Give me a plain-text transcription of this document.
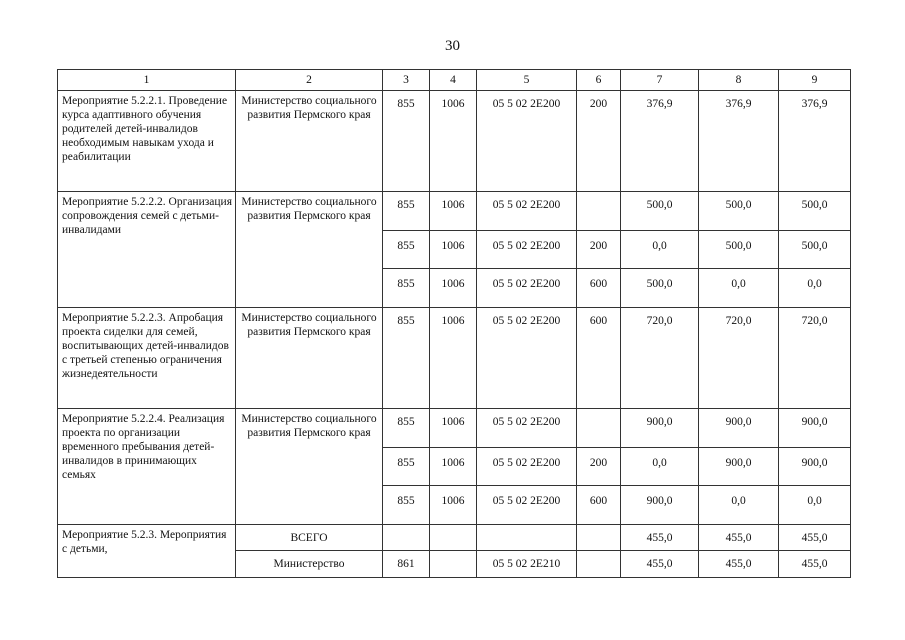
30
1	2	3	4	5	6	7	8	9
Мероприятие 5.2.2.1. Проведение курса адаптивного обучения родителей детей-инвалидов необходимым навыкам ухода и реабилитации	Министерство социального развития Пермского края	855	1006	05 5 02 2Е200	200	376,9	376,9	376,9
Мероприятие 5.2.2.2. Организация сопровождения семей с детьми-инвалидами	Министерство социального развития Пермского края	855	1006	05 5 02 2Е200		500,0	500,0	500,0
		855	1006	05 5 02 2Е200	200	0,0	500,0	500,0
		855	1006	05 5 02 2Е200	600	500,0	0,0	0,0
Мероприятие 5.2.2.3. Апробация проекта сиделки для семей, воспитывающих детей-инвалидов с третьей степенью ограничения жизнедеятельности	Министерство социального развития Пермского края	855	1006	05 5 02 2Е200	600	720,0	720,0	720,0
Мероприятие 5.2.2.4. Реализация проекта по организации временного пребывания детей-инвалидов в принимающих семьях	Министерство социального развития Пермского края	855	1006	05 5 02 2Е200		900,0	900,0	900,0
		855	1006	05 5 02 2Е200	200	0,0	900,0	900,0
		855	1006	05 5 02 2Е200	600	900,0	0,0	0,0
Мероприятие 5.2.3. Мероприятия с детьми,	ВСЕГО					455,0	455,0	455,0
	Министерство	861		05 5 02 2Е210		455,0	455,0	455,0
